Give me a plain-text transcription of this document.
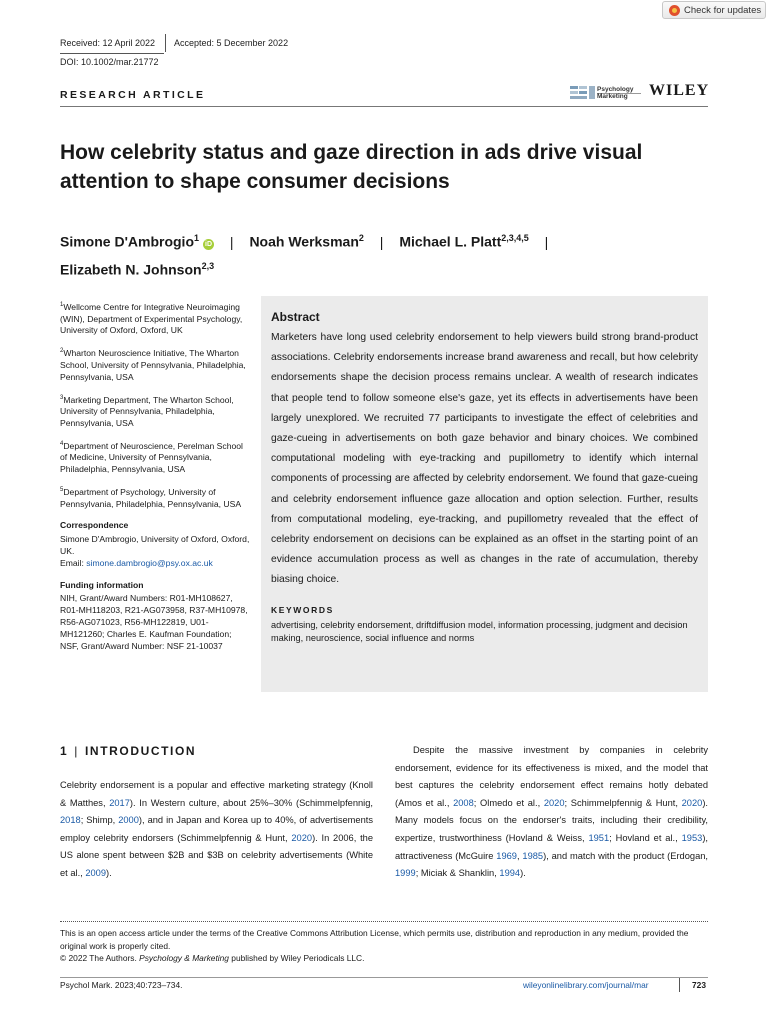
Check for updates
Received: 12 April 2022 Accepted: 5 December 2022
DOI: 10.1002/mar.21772
RESEARCH ARTICLE	Psychology
Marketing WILEY
How celebrity status and gaze direction in ads drive visual attention to shape consumer decisions
Simone D'Ambrogio$^1$iD | Noah Werksman$^2$ | Michael L. Platt$^{2,3,4,5}$ |
Elizabeth N. Johnson$^{2,3}$

$^1$Wellcome Centre for Integrative Neuroimaging (WIN), Department of Experimental Psychology, University of Oxford, Oxford, UK

$^2$Wharton Neuroscience Initiative, The Wharton School, University of Pennsylvania, Philadelphia, Pennsylvania, USA

$^3$Marketing Department, The Wharton School, University of Pennsylvania, Philadelphia, Pennsylvania, USA

$^4$Department of Neuroscience, Perelman School of Medicine, University of Pennsylvania, Philadelphia, Pennsylvania, USA

$^5$Department of Psychology, University of Pennsylvania, Philadelphia, Pennsylvania, USA

Correspondence

Simone D'Ambrogio, University of Oxford, Oxford, UK.
Email: simone.dambrogio@psy.ox.ac.uk

Funding information

NIH, Grant/Award Numbers: R01-MH108627, R01-MH118203, R21-AG073958, R37-MH10978, R56-AG071023, R56-MH122819, U01-MH121260; Charles E. Kaufman Foundation; NSF, Grant/Award Number: NSF 21-10037

Abstract

Marketers have long used celebrity endorsement to help viewers build strong brand-product associations. Celebrity endorsements increase brand awareness and recall, but how celebrity endorsements shape the decision process remains unclear. A wealth of research indicates that people tend to follow someone else's gaze, yet its effects in advertisements have been largely unexplored. We recruited 77 participants to investigate the effect of celebrities and gaze-cueing in advertisements on both gaze behavior and binary choices. We combined computational modeling with eye-tracking and pupillometry to identify which internal components of processing are affected by celebrity endorsement. We found that gaze-cueing and celebrity endorsement influence gaze allocation and option selection. Further, results from computational modeling, eye-tracking, and pupillometry revealed that the effect of celebrity endorsement on decisions can be explained as an offset in the starting point of an evidence accumulation process as well as changes in the rate of accumulation, thereby biasing choice.

KEYWORDS

advertising, celebrity endorsement, driftdiffusion model, information processing, judgment and decision making, neuroscience, social influence and norms

1 | INTRODUCTION

Celebrity endorsement is a popular and effective marketing strategy (Knoll & Matthes, 2017). In Western culture, about 25%–30% (Schimmelpfennig, 2018; Shimp, 2000), and in Japan and Korea up to 40%, of advertisements employ celebrity endorsers (Schimmelpfennig & Hunt, 2020). In 2006, the US alone spent between $2B and $3B on celebrity advertisements (White et al., 2009).

Despite the massive investment by companies in celebrity endorsement, evidence for its effectiveness is mixed, and the model that best captures the celebrity endorsement effect remains hotly debated (Amos et al., 2008; Olmedo et al., 2020; Schimmelpfennig & Hunt, 2020). Many models focus on the endorser's traits, including their credibility, expertize, trustworthiness (Hovland & Weiss, 1951; Hovland et al., 1953), attractiveness (McGuire 1969, 1985), and match with the product (Erdogan, 1999; Miciak & Shanklin, 1994).

This is an open access article under the terms of the Creative Commons Attribution License, which permits use, distribution and reproduction in any medium, provided the original work is properly cited.

© 2022 The Authors. Psychology & Marketing published by Wiley Periodicals LLC.

Psychol Mark. 2023;40:723–734.	wileyonlinelibrary.com/journal/mar	723
